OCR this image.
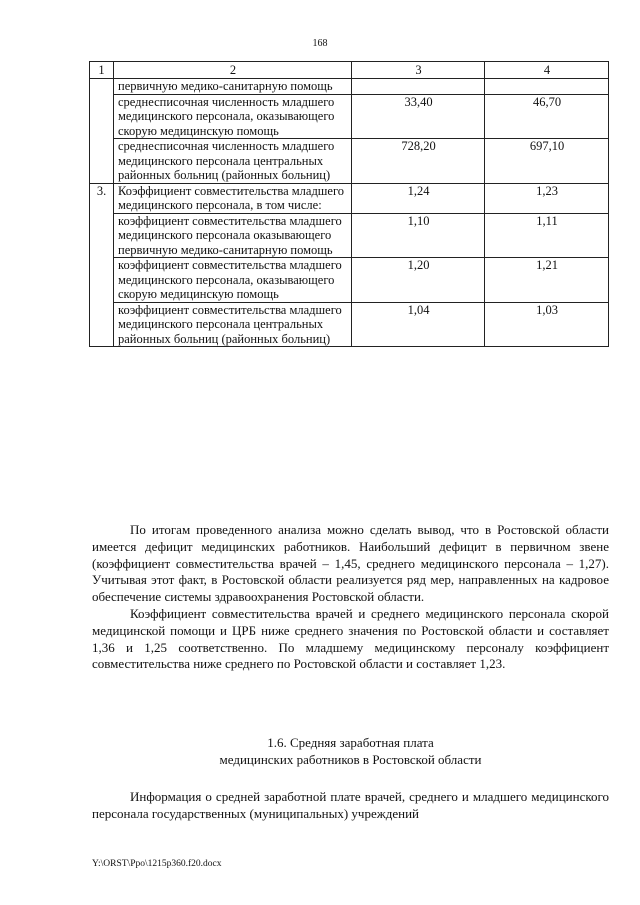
168
1	2	3	4
	первичную медико-санитарную помощь		
	среднесписочная численность младшего медицинского персонала, оказывающего скорую медицинскую помощь	33,40	46,70
	среднесписочная численность младшего медицинского персонала центральных районных больниц (районных больниц)	728,20	697,10
3.	Коэффициент совместительства младшего медицинского персонала, в том числе:	1,24	1,23
	коэффициент совместительства младшего медицинского персонала оказывающего первичную медико-санитарную помощь	1,10	1,11
	коэффициент совместительства младшего медицинского персонала, оказывающего скорую медицинскую помощь	1,20	1,21
	коэффициент совместительства младшего медицинского персонала центральных районных больниц (районных больниц)	1,04	1,03

По итогам проведенного анализа можно сделать вывод, что в Ростовской области имеется дефицит медицинских работников. Наибольший дефицит в первичном звене (коэффициент совместительства врачей – 1,45, среднего медицинского персонала – 1,27). Учитывая этот факт, в Ростовской области реализуется ряд мер, направленных на кадровое обеспечение системы здравоохранения Ростовской области.

Коэффициент совместительства врачей и среднего медицинского персонала скорой медицинской помощи и ЦРБ ниже среднего значения по Ростовской области и составляет 1,36 и 1,25 соответственно. По младшему медицинскому персоналу коэффициент совместительства ниже среднего по Ростовской области и составляет 1,23.

1.6. Средняя заработная плата
медицинских работников в Ростовской области

Информация о средней заработной плате врачей, среднего и младшего медицинского персонала государственных (муниципальных) учреждений

Y:\ORST\Ppo\1215p360.f20.docx
